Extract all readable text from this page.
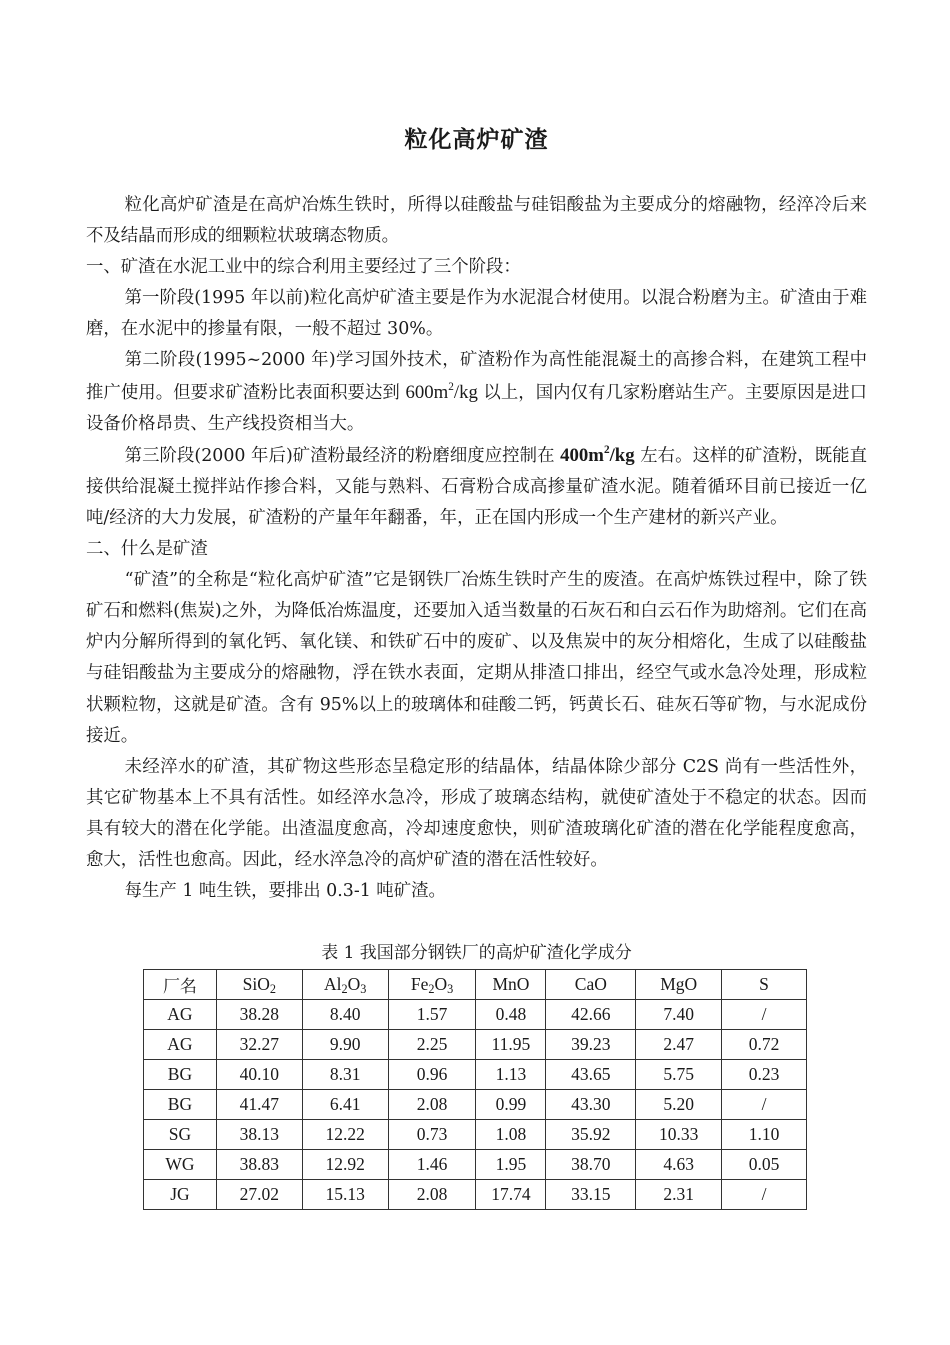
粒化高炉矿渣

粒化高炉矿渣是在高炉冶炼生铁时，所得以硅酸盐与硅铝酸盐为主要成分的熔融物，经淬冷后来不及结晶而形成的细颗粒状玻璃态物质。

一、矿渣在水泥工业中的综合利用主要经过了三个阶段：

第一阶段(1995 年以前)粒化高炉矿渣主要是作为水泥混合材使用。以混合粉磨为主。矿渣由于难磨，在水泥中的掺量有限，一般不超过 30%。

第二阶段(1995~2000 年)学习国外技术，矿渣粉作为高性能混凝土的高掺合料，在建筑工程中推广使用。但要求矿渣粉比表面积要达到 $600m^2/kg$ 以上，国内仅有几家粉磨站生产。主要原因是进口设备价格昂贵、生产线投资相当大。

第三阶段(2000 年后)矿渣粉最经济的粉磨细度应控制在 $400m^2/kg$ 左右。这样的矿渣粉，既能直接供给混凝土搅拌站作掺合料，又能与熟料、石膏粉合成高掺量矿渣水泥。随着循环目前已接近一亿吨/经济的大力发展，矿渣粉的产量年年翻番，年，正在国内形成一个生产建材的新兴产业。

二、什么是矿渣

“矿渣”的全称是“粒化高炉矿渣”它是钢铁厂冶炼生铁时产生的废渣。在高炉炼铁过程中，除了铁矿石和燃料(焦炭)之外，为降低冶炼温度，还要加入适当数量的石灰石和白云石作为助熔剂。它们在高炉内分解所得到的氧化钙、氧化镁、和铁矿石中的废矿、以及焦炭中的灰分相熔化，生成了以硅酸盐与硅铝酸盐为主要成分的熔融物，浮在铁水表面，定期从排渣口排出，经空气或水急冷处理，形成粒状颗粒物，这就是矿渣。含有 95%以上的玻璃体和硅酸二钙，钙黄长石、硅灰石等矿物，与水泥成份接近。

未经淬水的矿渣，其矿物这些形态呈稳定形的结晶体，结晶体除少部分 C2S 尚有一些活性外，其它矿物基本上不具有活性。如经淬水急冷，形成了玻璃态结构，就使矿渣处于不稳定的状态。因而具有较大的潜在化学能。出渣温度愈高，冷却速度愈快，则矿渣玻璃化矿渣的潜在化学能程度愈高，愈大，活性也愈高。因此，经水淬急冷的高炉矿渣的潜在活性较好。

每生产 1 吨生铁，要排出 0.3-1 吨矿渣。

表 1 我国部分钢铁厂的高炉矿渣化学成分

厂名	SiO$_2$	$Al_2O_3$	$Fe_2O_3$	MnO	CaO	MgO	S
AG	38.28	8.40	1.57	0.48	42.66	7.40	/
AG	32.27	9.90	2.25	11.95	39.23	2.47	0.72
BG	40.10	8.31	0.96	1.13	43.65	5.75	0.23
BG	41.47	6.41	2.08	0.99	43.30	5.20	/
SG	38.13	12.22	0.73	1.08	35.92	10.33	1.10
WG	38.83	12.92	1.46	1.95	38.70	4.63	0.05
JG	27.02	15.13	2.08	17.74	33.15	2.31	/
